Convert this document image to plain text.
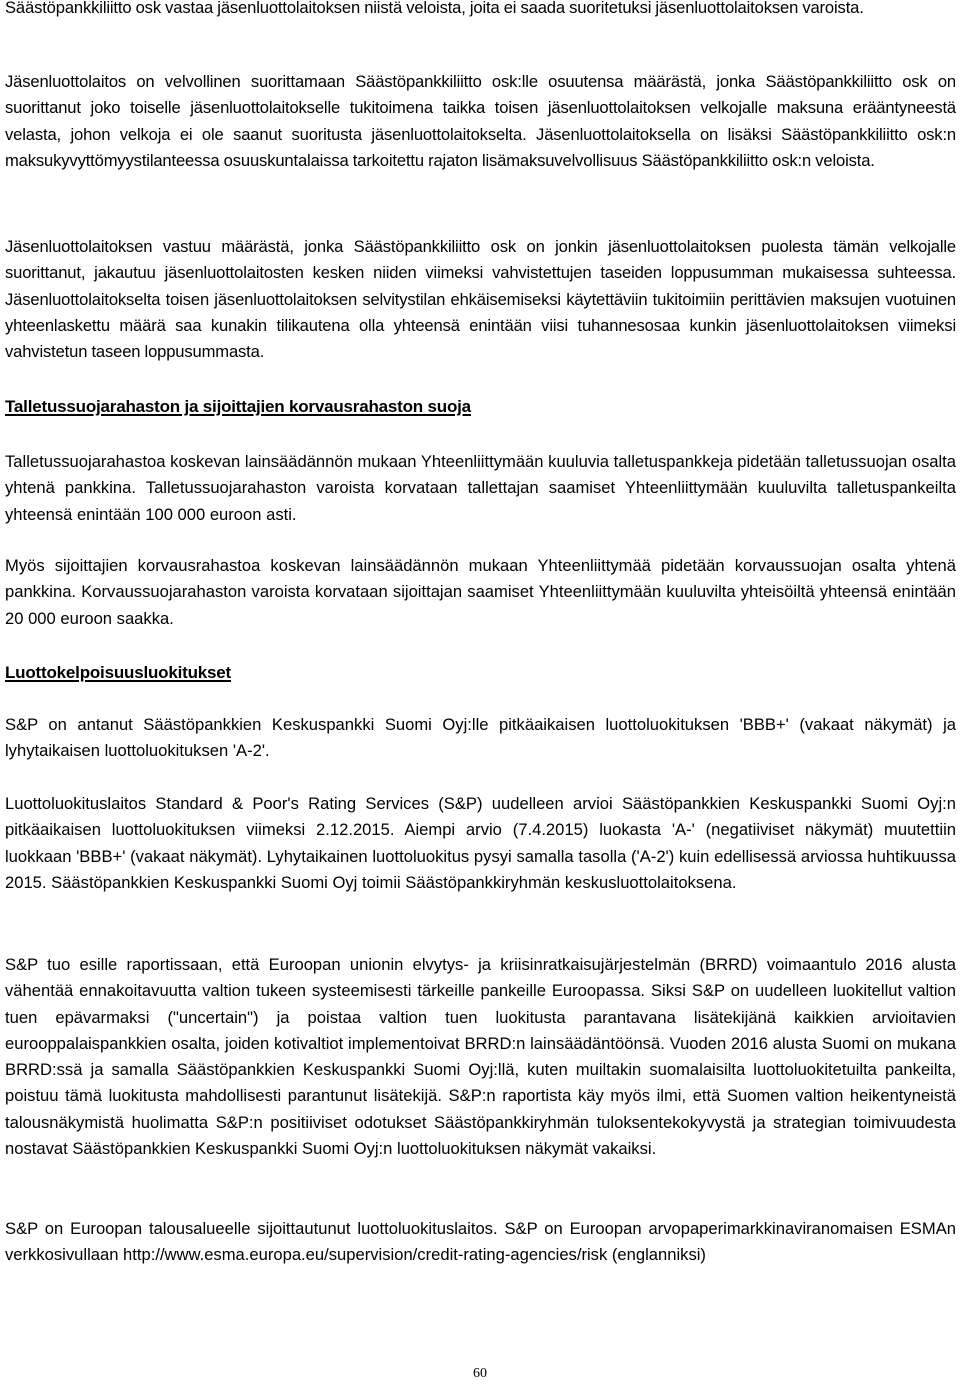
Säästöpankkiliitto osk vastaa jäsenluottolaitoksen niistä veloista, joita ei saada suoritetuksi jäsenluottolaitoksen varoista.

Jäsenluottolaitos on velvollinen suorittamaan Säästöpankkiliitto osk:lle osuutensa määrästä, jonka Säästöpankkiliitto osk on suorittanut joko toiselle jäsenluottolaitokselle tukitoimena taikka toisen jäsenluottolaitoksen velkojalle maksuna erääntyneestä velasta, johon velkoja ei ole saanut suoritusta jäsenluottolaitokselta. Jäsenluottolaitoksella on lisäksi Säästöpankkiliitto osk:n maksukyvyttömyystilanteessa osuuskuntalaissa tarkoitettu rajaton lisämaksuvelvollisuus Säästöpankkiliitto osk:n veloista.

Jäsenluottolaitoksen vastuu määrästä, jonka Säästöpankkiliitto osk on jonkin jäsenluottolaitoksen puolesta tämän velkojalle suorittanut, jakautuu jäsenluottolaitosten kesken niiden viimeksi vahvistettujen taseiden loppusumman mukaisessa suhteessa. Jäsenluottolaitokselta toisen jäsenluottolaitoksen selvitystilan ehkäisemiseksi käytettäviin tukitoimiin perittävien maksujen vuotuinen yhteenlaskettu määrä saa kunakin tilikautena olla yhteensä enintään viisi tuhannesosaa kunkin jäsenluottolaitoksen viimeksi vahvistetun taseen loppusummasta.

Talletussuojarahaston ja sijoittajien korvausrahaston suoja

Talletussuojarahastoa koskevan lainsäädännön mukaan Yhteenliittymään kuuluvia talletuspankkeja pidetään talletussuojan osalta yhtenä pankkina. Talletussuojarahaston varoista korvataan tallettajan saamiset Yhteenliittymään kuuluvilta talletuspankeilta yhteensä enintään 100 000 euroon asti.

Myös sijoittajien korvausrahastoa koskevan lainsäädännön mukaan Yhteenliittymää pidetään korvaussuojan osalta yhtenä pankkina. Korvaussuojarahaston varoista korvataan sijoittajan saamiset Yhteenliittymään kuuluvilta yhteisöiltä yhteensä enintään 20 000 euroon saakka.

Luottokelpoisuusluokitukset

S&P on antanut Säästöpankkien Keskuspankki Suomi Oyj:lle pitkäaikaisen luottoluokituksen 'BBB+' (vakaat näkymät) ja lyhytaikaisen luottoluokituksen 'A-2'.

Luottoluokituslaitos Standard & Poor's Rating Services (S&P) uudelleen arvioi Säästöpankkien Keskuspankki Suomi Oyj:n pitkäaikaisen luottoluokituksen viimeksi 2.12.2015. Aiempi arvio (7.4.2015) luokasta 'A-' (negatiiviset näkymät) muutettiin luokkaan 'BBB+' (vakaat näkymät). Lyhytaikainen luottoluokitus pysyi samalla tasolla ('A-2') kuin edellisessä arviossa huhtikuussa 2015. Säästöpankkien Keskuspankki Suomi Oyj toimii Säästöpankkiryhmän keskusluottolaitoksena.

S&P tuo esille raportissaan, että Euroopan unionin elvytys- ja kriisinratkaisujärjestelmän (BRRD) voimaantulo 2016 alusta vähentää ennakoitavuutta valtion tukeen systeemisesti tärkeille pankeille Euroopassa. Siksi S&P on uudelleen luokitellut valtion tuen epävarmaksi ("uncertain") ja poistaa valtion tuen luokitusta parantavana lisätekijänä kaikkien arvioitavien eurooppalaispankkien osalta, joiden kotivaltiot implementoivat BRRD:n lainsäädäntöönsä. Vuoden 2016 alusta Suomi on mukana BRRD:ssä ja samalla Säästöpankkien Keskuspankki Suomi Oyj:llä, kuten muiltakin suomalaisilta luottoluokitetuilta pankeilta, poistuu tämä luokitusta mahdollisesti parantunut lisätekijä. S&P:n raportista käy myös ilmi, että Suomen valtion heikentyneistä talousnäkymistä huolimatta S&P:n positiiviset odotukset Säästöpankkiryhmän tuloksentekokyvystä ja strategian toimivuudesta nostavat Säästöpankkien Keskuspankki Suomi Oyj:n luottoluokituksen näkymät vakaiksi.

S&P on Euroopan talousalueelle sijoittautunut luottoluokituslaitos. S&P on Euroopan arvopaperimarkkinaviranomaisen ESMAn verkkosivullaan http://www.esma.europa.eu/supervision/credit-rating-agencies/risk (englanniksi)

60
